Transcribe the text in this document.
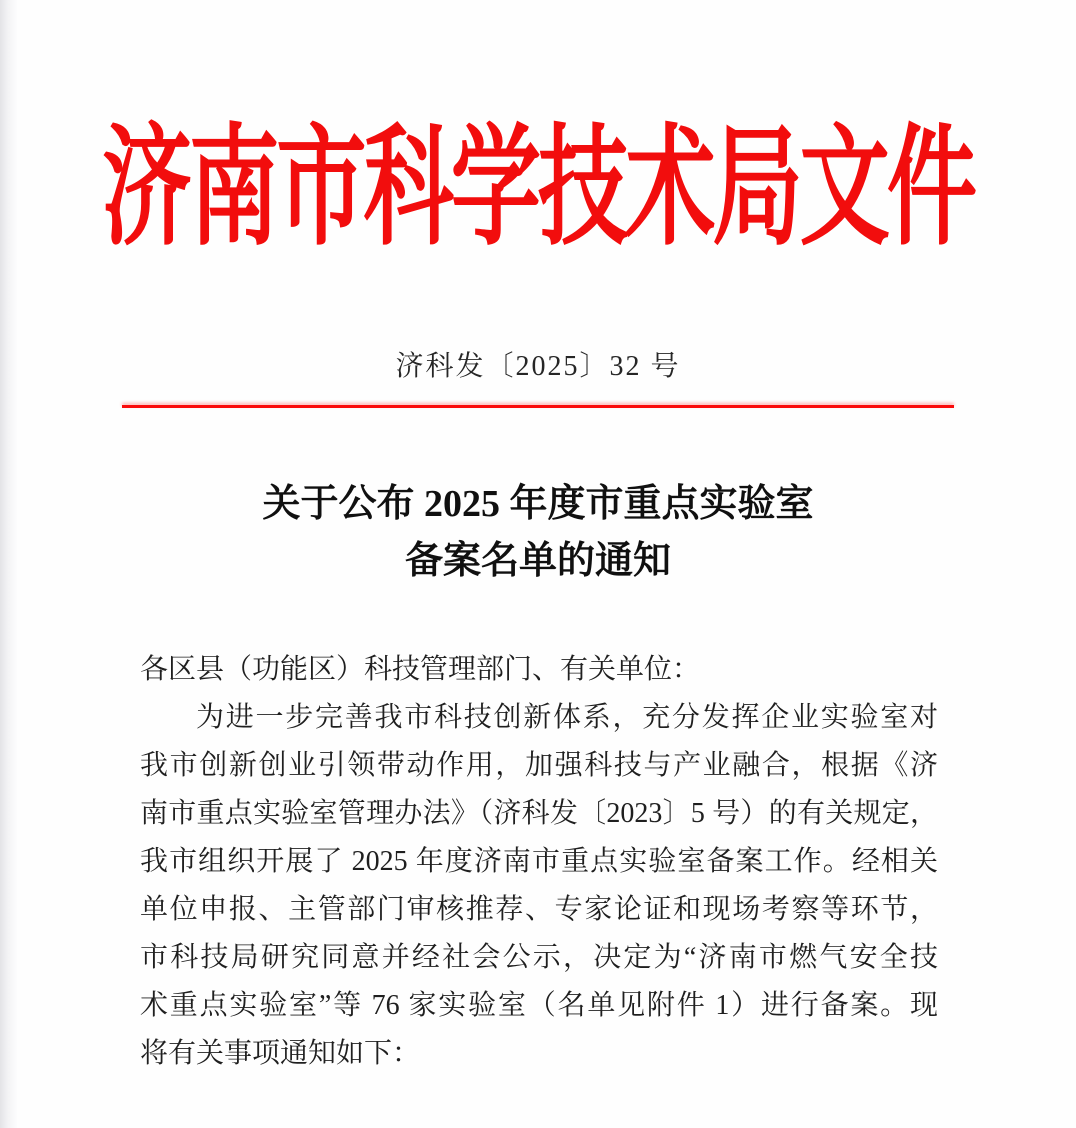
济南市科学技术局文件
济科发〔2025〕32 号
关于公布 2025 年度市重点实验室
备案名单的通知
各区县（功能区）科技管理部门、有关单位：
为进一步完善我市科技创新体系，充分发挥企业实验室对
我市创新创业引领带动作用，加强科技与产业融合，根据《济
南市重点实验室管理办法》（济科发〔2023〕5 号）的有关规定，
我市组织开展了 2025 年度济南市重点实验室备案工作。经相关
单位申报、主管部门审核推荐、专家论证和现场考察等环节，
市科技局研究同意并经社会公示，决定为“济南市燃气安全技
术重点实验室”等 76 家实验室（名单见附件 1）进行备案。现
将有关事项通知如下：
